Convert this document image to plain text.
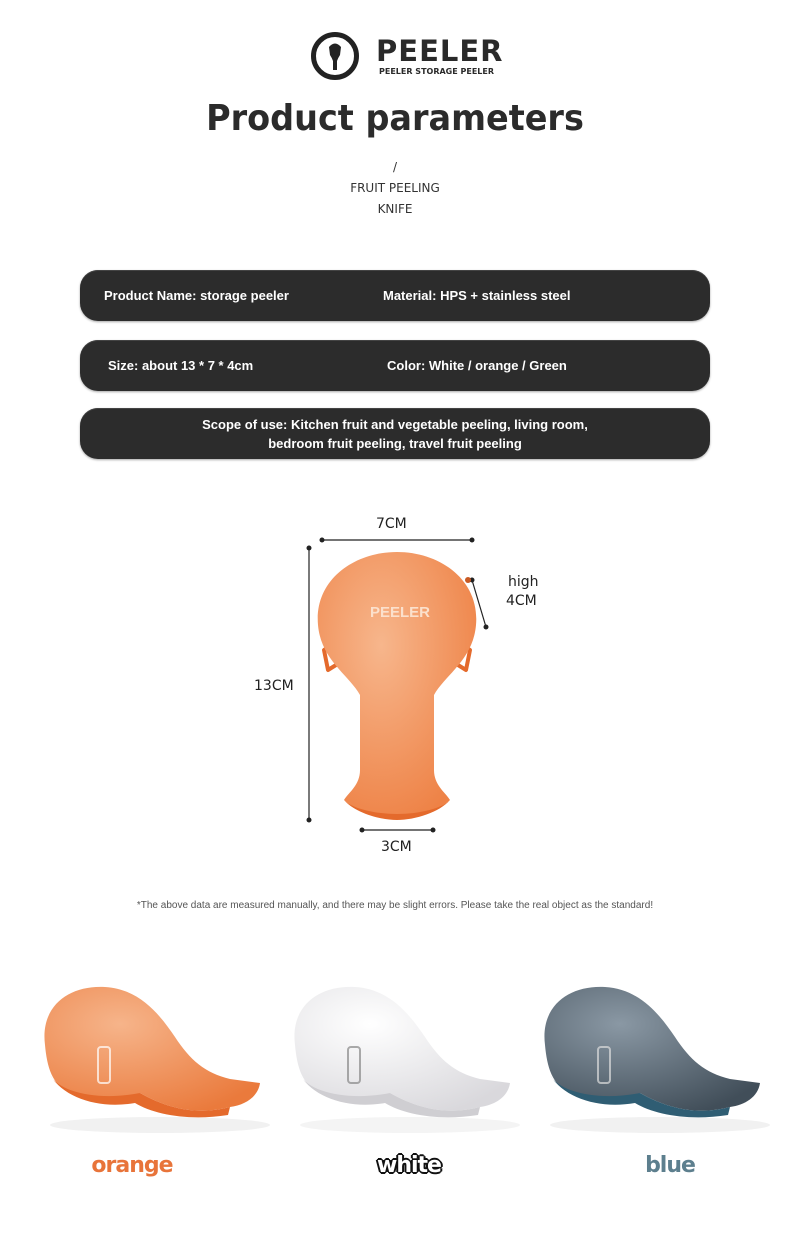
PEELER
PEELER STORAGE PEELER
Product parameters
/
FRUIT PEELING
KNIFE
Product Name: storage peeler	Material: HPS + stainless steel
Size: about 13 * 7 * 4cm	Color: White / orange / Green
Scope of use: Kitchen fruit and vegetable peeling, living room,
bedroom fruit peeling, travel fruit peeling
PEELER
7CM
13CM
high
4CM
3CM
*The above data are measured manually, and there may be slight errors. Please take the real object as the standard!
orange	white	blue
